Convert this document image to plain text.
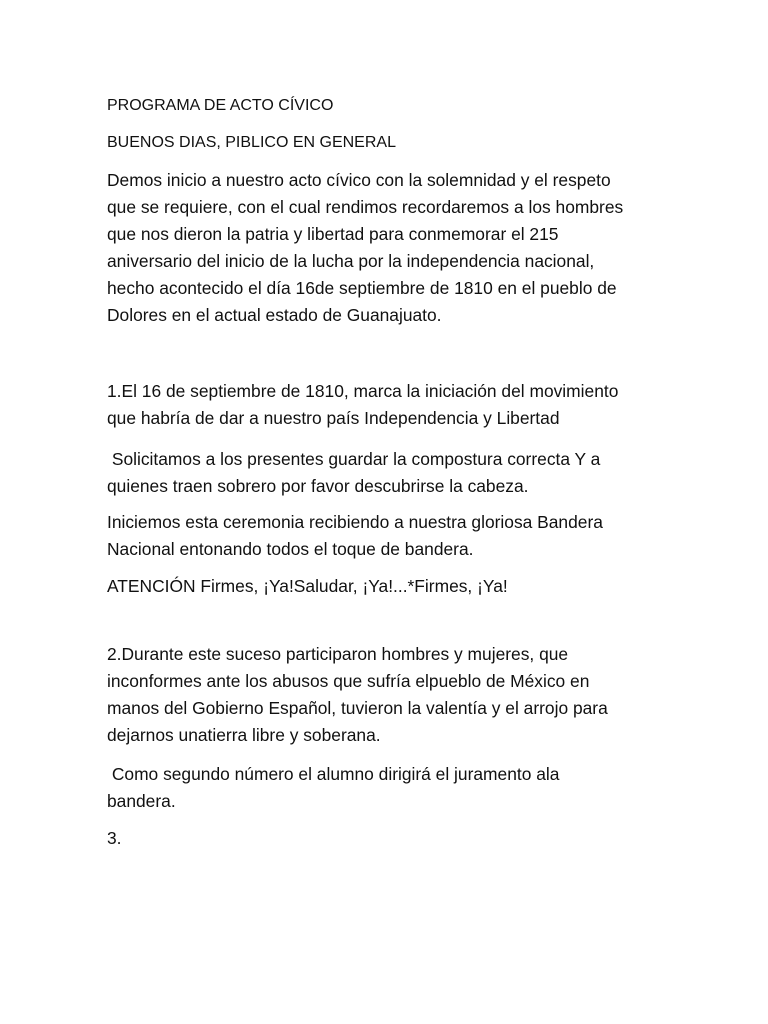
PROGRAMA DE ACTO CÍVICO

BUENOS DIAS, PIBLICO EN GENERAL

Demos inicio a nuestro acto cívico con la solemnidad y el respeto
que se requiere, con el cual rendimos recordaremos a los hombres
que nos dieron la patria y libertad para conmemorar el 215
aniversario del inicio de la lucha por la independencia nacional,
hecho acontecido el día 16de septiembre de 1810 en el pueblo de
Dolores en el actual estado de Guanajuato.

1.El 16 de septiembre de 1810, marca la iniciación del movimiento
que habría de dar a nuestro país Independencia y Libertad

Solicitamos a los presentes guardar la compostura correcta Y a
quienes traen sobrero por favor descubrirse la cabeza.

Iniciemos esta ceremonia recibiendo a nuestra gloriosa Bandera
Nacional entonando todos el toque de bandera.

ATENCIÓN Firmes, ¡Ya!Saludar, ¡Ya!...*Firmes, ¡Ya!

2.Durante este suceso participaron hombres y mujeres, que
inconformes ante los abusos que sufría elpueblo de México en
manos del Gobierno Español, tuvieron la valentía y el arrojo para
dejarnos unatierra libre y soberana.

Como segundo número el alumno dirigirá el juramento ala
bandera.

3.
